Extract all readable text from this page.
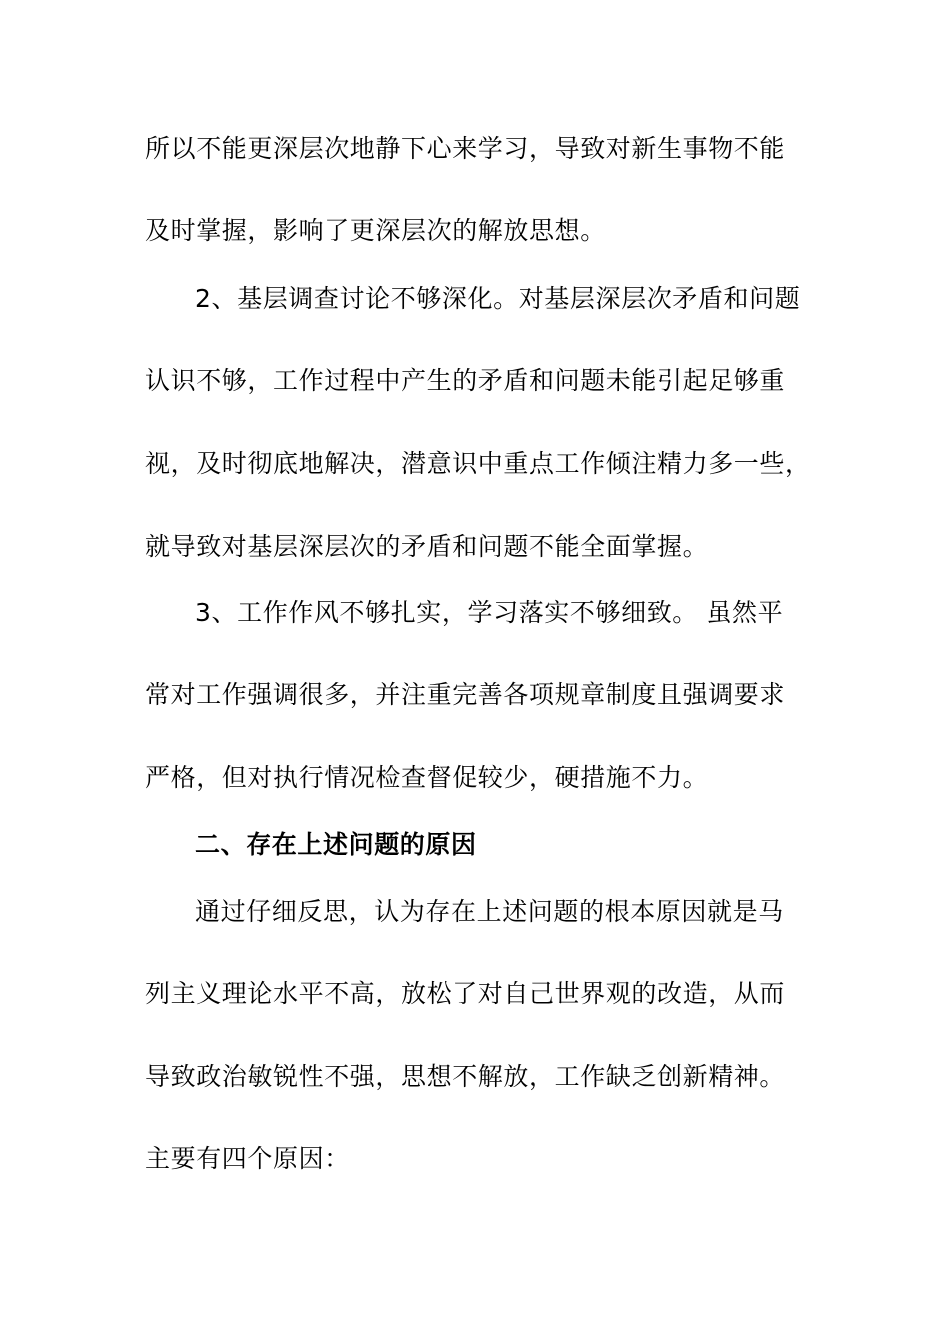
所以不能更深层次地静下心来学习，导致对新生事物不能
及时掌握，影响了更深层次的解放思想。
2、基层调查讨论不够深化。对基层深层次矛盾和问题
认识不够，工作过程中产生的矛盾和问题未能引起足够重
视，及时彻底地解决，潜意识中重点工作倾注精力多一些，
就导致对基层深层次的矛盾和问题不能全面掌握。
3、工作作风不够扎实，学习落实不够细致。 虽然平
常对工作强调很多，并注重完善各项规章制度且强调要求
严格，但对执行情况检查督促较少，硬措施不力。
二、存在上述问题的原因
通过仔细反思，认为存在上述问题的根本原因就是马
列主义理论水平不高，放松了对自己世界观的改造，从而
导致政治敏锐性不强，思想不解放，工作缺乏创新精神。
主要有四个原因：
